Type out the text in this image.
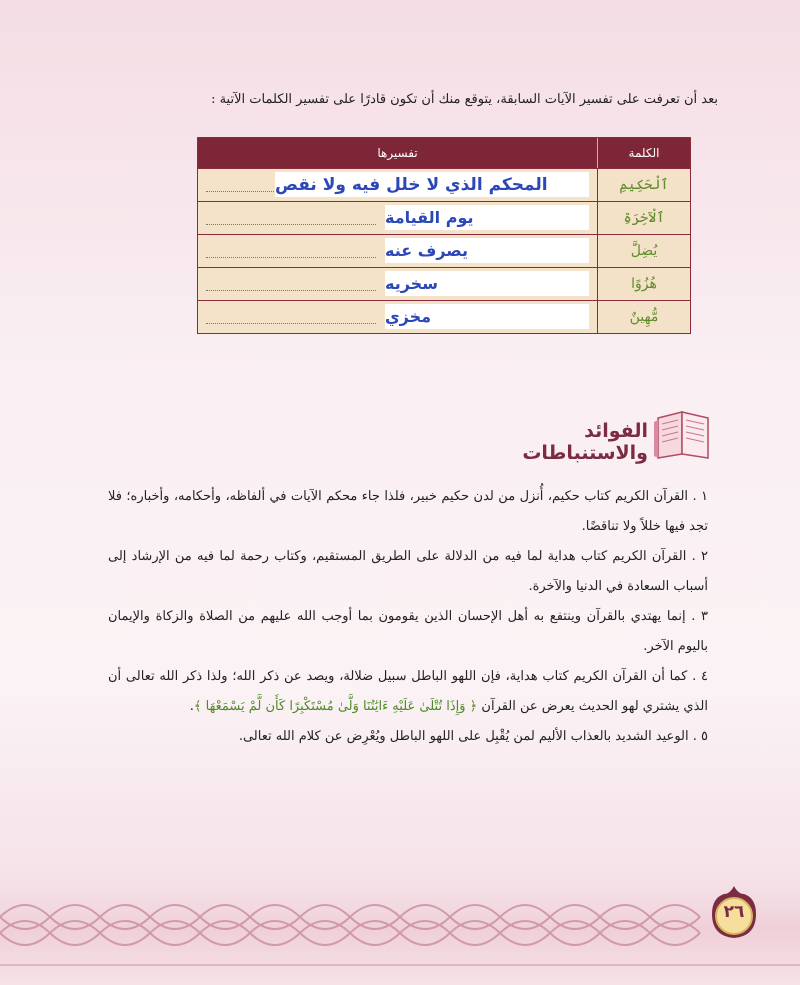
بعد أن تعرفت على تفسير الآيات السابقة، يتوقع منك أن تكون قادرًا على تفسير الكلمات الآتية :
الكلمة
تفسيرها
ٱلْحَكِيمِ
المحكم الذي لا خلل فيه ولا نقص
ٱلْآخِرَةِ
يوم القيامة
يُضِلَّ
يصرف عنه
هُزُوًا
سخريه
مُّهِينٌ
مخزي
الفوائد والاستنباطات

١ . القرآن الكريم كتاب حكيم، أُنزل من لدن حكيم خبير، فلذا جاء محكم الآيات في ألفاظه، وأحكامه، وأخباره؛ فلا تجد فيها خللاً ولا تناقضًا.

٢ . القرآن الكريم كتاب هداية لما فيه من الدلالة على الطريق المستقيم، وكتاب رحمة لما فيه من الإرشاد إلى أسباب السعادة في الدنيا والآخرة.

٣ . إنما يهتدي بالقرآن وينتفع به أهل الإحسان الذين يقومون بما أوجب الله عليهم من الصلاة والزكاة والإيمان باليوم الآخر.

٤ . كما أن القرآن الكريم كتاب هداية، فإن اللهو الباطل سبيل ضلالة، ويصد عن ذكر الله؛ ولذا ذكر الله تعالى أن الذي يشتري لهو الحديث يعرض عن القرآن ﴿ وَإِذَا تُتْلَىٰ عَلَيْهِ ءَايَٰتُنَا وَلَّىٰ مُسْتَكْبِرًا كَأَن لَّمْ يَسْمَعْهَا ﴾.

٥ . الوعيد الشديد بالعذاب الأليم لمن يُقْبِل على اللهو الباطل ويُعْرِض عن كلام الله تعالى.

٢٦
